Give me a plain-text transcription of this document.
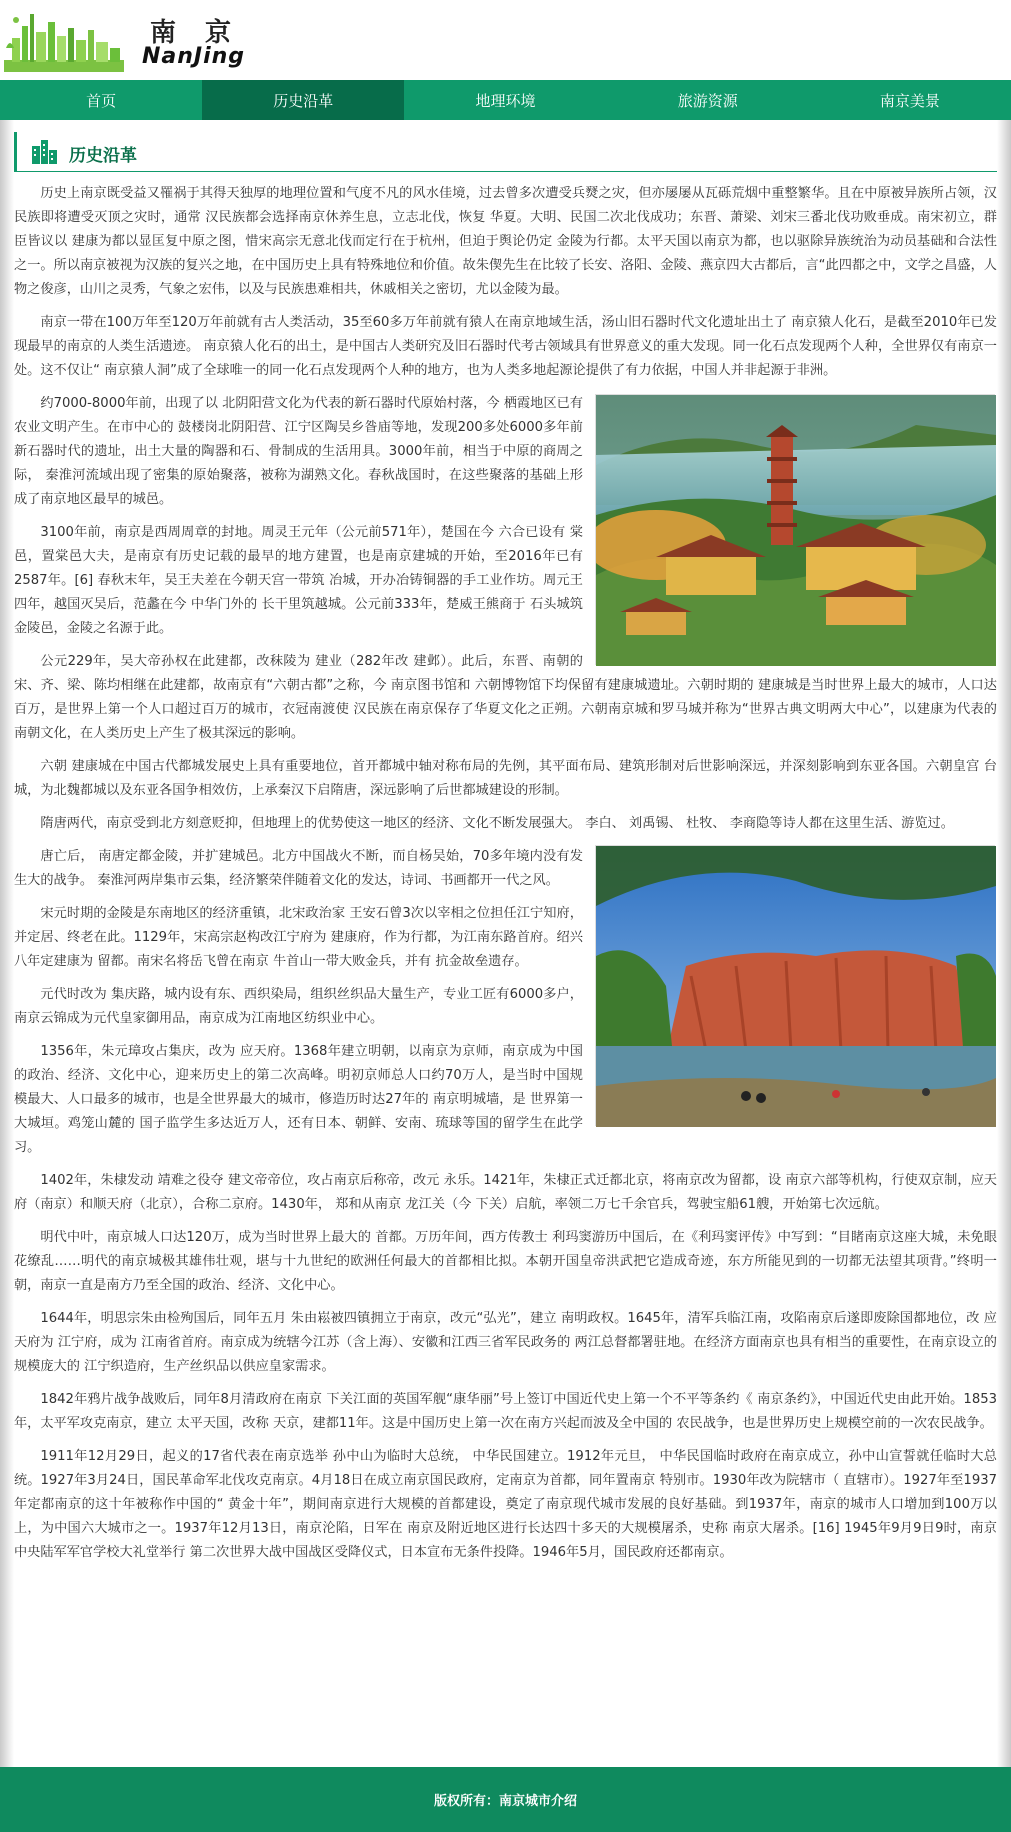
南 京
NanJing
首页	历史沿革	地理环境	旅游资源	南京美景
历史沿革

历史上南京既受益又罹祸于其得天独厚的地理位置和气度不凡的风水佳境，过去曾多次遭受兵燹之灾，但亦屡屡从瓦砾荒烟中重整繁华。且在中原被异族所占领，汉民族即将遭受灭顶之灾时，通常 汉民族都会选择南京休养生息，立志北伐，恢复 华夏。大明、民国二次北伐成功；东晋、萧梁、刘宋三番北伐功败垂成。南宋初立，群臣皆议以 建康为都以显匡复中原之图，惜宋高宗无意北伐而定行在于杭州，但迫于舆论仍定 金陵为行都。太平天国以南京为都，也以驱除异族统治为动员基础和合法性之一。所以南京被视为汉族的复兴之地，在中国历史上具有特殊地位和价值。故朱偰先生在比较了长安、洛阳、金陵、燕京四大古都后，言“此四都之中，文学之昌盛，人物之俊彦，山川之灵秀，气象之宏伟，以及与民族患难相共，休戚相关之密切，尤以金陵为最。

南京一带在100万年至120万年前就有古人类活动，35至60多万年前就有猿人在南京地域生活，汤山旧石器时代文化遗址出土了 南京猿人化石，是截至2010年已发现最早的南京的人类生活遗迹。 南京猿人化石的出土，是中国古人类研究及旧石器时代考古领域具有世界意义的重大发现。同一化石点发现两个人种，全世界仅有南京一处。这不仅让“ 南京猿人洞”成了全球唯一的同一化石点发现两个人种的地方，也为人类多地起源论提供了有力依据，中国人并非起源于非洲。

约7000-8000年前，出现了以 北阴阳营文化为代表的新石器时代原始村落，今 栖霞地区已有农业文明产生。在市中心的 鼓楼岗北阴阳营、江宁区陶吴乡昝庙等地，发现200多处6000多年前新石器时代的遗址，出土大量的陶器和石、骨制成的生活用具。3000年前，相当于中原的商周之际， 秦淮河流域出现了密集的原始聚落，被称为湖熟文化。春秋战国时，在这些聚落的基础上形成了南京地区最早的城邑。

3100年前，南京是西周周章的封地。周灵王元年（公元前571年），楚国在今 六合已设有 棠邑，置棠邑大夫，是南京有历史记载的最早的地方建置，也是南京建城的开始，至2016年已有2587年。[6] 春秋末年，吴王夫差在今朝天宫一带筑 冶城，开办冶铸铜器的手工业作坊。周元王四年，越国灭吴后，范蠡在今 中华门外的 长干里筑越城。公元前333年，楚威王熊商于 石头城筑 金陵邑，金陵之名源于此。

公元229年，吴大帝孙权在此建都，改秣陵为 建业（282年改 建邺）。此后，东晋、南朝的宋、齐、梁、陈均相继在此建都，故南京有“六朝古都”之称，今 南京图书馆和 六朝博物馆下均保留有建康城遗址。六朝时期的 建康城是当时世界上最大的城市，人口达百万，是世界上第一个人口超过百万的城市，衣冠南渡使 汉民族在南京保存了华夏文化之正朔。六朝南京城和罗马城并称为“世界古典文明两大中心”，以建康为代表的 南朝文化，在人类历史上产生了极其深远的影响。

六朝 建康城在中国古代都城发展史上具有重要地位，首开都城中轴对称布局的先例，其平面布局、建筑形制对后世影响深远，并深刻影响到东亚各国。六朝皇宫 台城，为北魏都城以及东亚各国争相效仿，上承秦汉下启隋唐，深远影响了后世都城建设的形制。

隋唐两代，南京受到北方刻意贬抑，但地理上的优势使这一地区的经济、文化不断发展强大。 李白、 刘禹锡、 杜牧、 李商隐等诗人都在这里生活、游览过。

唐亡后， 南唐定都金陵，并扩建城邑。北方中国战火不断，而自杨吴始，70多年境内没有发生大的战争。 秦淮河两岸集市云集，经济繁荣伴随着文化的发达，诗词、书画都开一代之风。

宋元时期的金陵是东南地区的经济重镇，北宋政治家 王安石曾3次以宰相之位担任江宁知府，并定居、终老在此。1129年，宋高宗赵构改江宁府为 建康府，作为行都，为江南东路首府。绍兴八年定建康为 留都。南宋名将岳飞曾在南京 牛首山一带大败金兵，并有 抗金故垒遗存。

元代时改为 集庆路，城内设有东、西织染局，组织丝织品大量生产，专业工匠有6000多户， 南京云锦成为元代皇家御用品，南京成为江南地区纺织业中心。

1356年，朱元璋攻占集庆，改为 应天府。1368年建立明朝，以南京为京师，南京成为中国的政治、经济、文化中心，迎来历史上的第二次高峰。明初京师总人口约70万人，是当时中国规模最大、人口最多的城市，也是全世界最大的城市，修造历时达27年的 南京明城墙，是 世界第一大城垣。鸡笼山麓的 国子监学生多达近万人，还有日本、朝鲜、安南、琉球等国的留学生在此学习。

1402年，朱棣发动 靖难之役夺 建文帝帝位，攻占南京后称帝，改元 永乐。1421年，朱棣正式迁都北京，将南京改为留都，设 南京六部等机构，行使双京制，应天府（南京）和顺天府（北京），合称二京府。1430年， 郑和从南京 龙江关（今 下关）启航，率领二万七千余官兵，驾驶宝船61艘，开始第七次远航。

明代中叶，南京城人口达120万，成为当时世界上最大的 首都。万历年间，西方传教士 利玛窦游历中国后，在《利玛窦评传》中写到：“目睹南京这座大城，未免眼花缭乱……明代的南京城极其雄伟壮观，堪与十九世纪的欧洲任何最大的首都相比拟。本朝开国皇帝洪武把它造成奇迹，东方所能见到的一切都无法望其项背。”终明一朝，南京一直是南方乃至全国的政治、经济、文化中心。

1644年，明思宗朱由检殉国后，同年五月 朱由崧被四镇拥立于南京，改元“弘光”，建立 南明政权。1645年，清军兵临江南，攻陷南京后遂即废除国都地位，改 应天府为 江宁府，成为 江南省首府。南京成为统辖今江苏（含上海）、安徽和江西三省军民政务的 两江总督都署驻地。在经济方面南京也具有相当的重要性，在南京设立的规模庞大的 江宁织造府，生产丝织品以供应皇家需求。

1842年鸦片战争战败后，同年8月清政府在南京 下关江面的英国军舰“康华丽”号上签订中国近代史上第一个不平等条约《 南京条约》，中国近代史由此开始。1853年，太平军攻克南京，建立 太平天国，改称 天京，建都11年。这是中国历史上第一次在南方兴起而波及全中国的 农民战争，也是世界历史上规模空前的一次农民战争。

1911年12月29日，起义的17省代表在南京选举 孙中山为临时大总统， 中华民国建立。1912年元旦， 中华民国临时政府在南京成立，孙中山宣誓就任临时大总统。1927年3月24日，国民革命军北伐攻克南京。4月18日在成立南京国民政府，定南京为首都，同年置南京 特别市。1930年改为院辖市（ 直辖市）。1927年至1937年定都南京的这十年被称作中国的“ 黄金十年”，期间南京进行大规模的首都建设，奠定了南京现代城市发展的良好基础。到1937年，南京的城市人口增加到100万以上，为中国六大城市之一。1937年12月13日，南京沦陷，日军在 南京及附近地区进行长达四十多天的大规模屠杀，史称 南京大屠杀。[16] 1945年9月9日9时，南京 中央陆军军官学校大礼堂举行 第二次世界大战中国战区受降仪式，日本宣布无条件投降。1946年5月，国民政府还都南京。

版权所有：南京城市介绍
